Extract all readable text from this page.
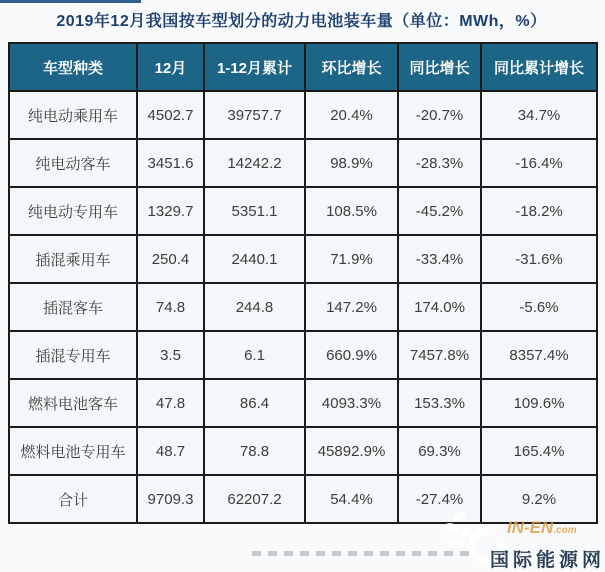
2019年12月我国按车型划分的动力电池装车量（单位：MWh，%）
车型种类	12月	1-12月累计	环比增长	同比增长	同比累计增长
纯电动乘用车	4502.7	39757.7	20.4%	-20.7%	34.7%
纯电动客车	3451.6	14242.2	98.9%	-28.3%	-16.4%
纯电动专用车	1329.7	5351.1	108.5%	-45.2%	-18.2%
插混乘用车	250.4	2440.1	71.9%	-33.4%	-31.6%
插混客车	74.8	244.8	147.2%	174.0%	-5.6%
插混专用车	3.5	6.1	660.9%	7457.8%	8357.4%
燃料电池客车	47.8	86.4	4093.3%	153.3%	109.6%
燃料电池专用车	48.7	78.8	45892.9%	69.3%	165.4%
合计	9709.3	62207.2	54.4%	-27.4%	9.2%
IN-EN.com
国际能源网
